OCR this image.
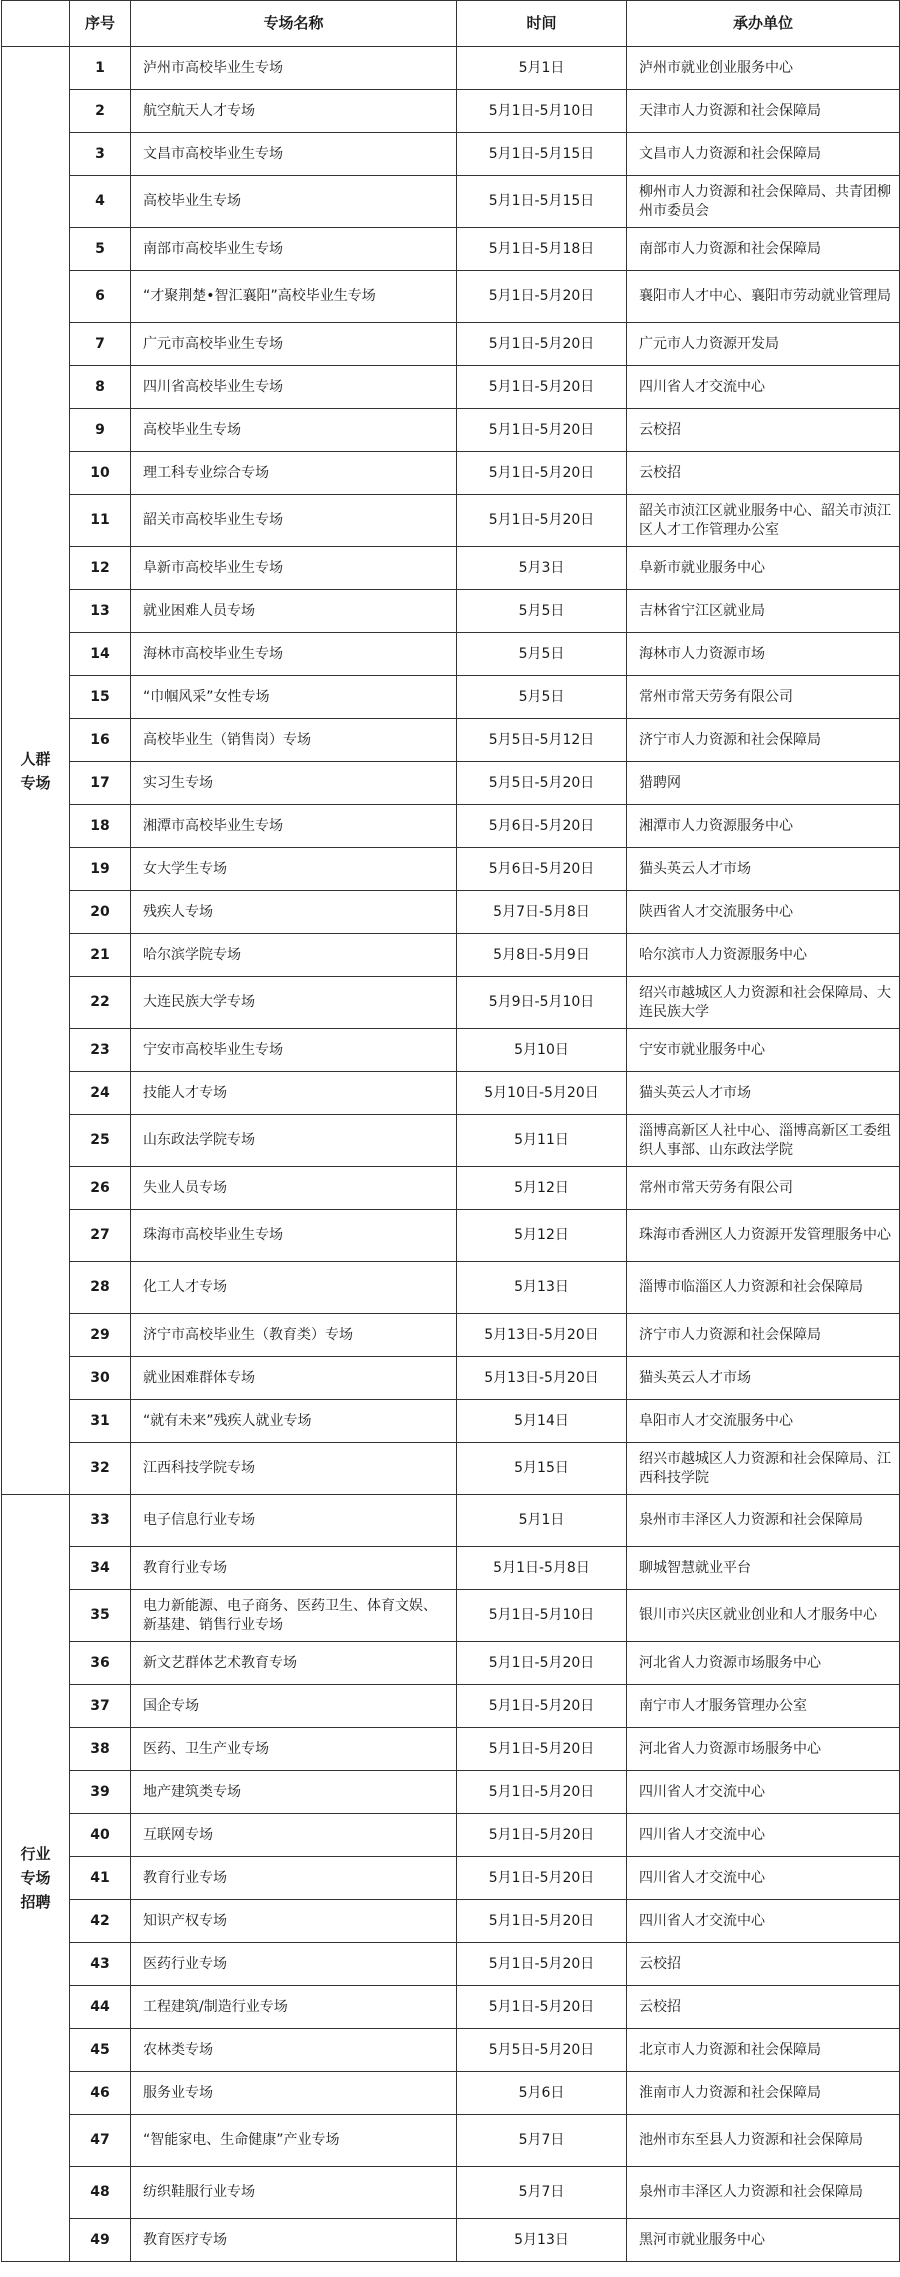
	序号	专场名称	时间	承办单位
人群
专场	1	泸州市高校毕业生专场	5月1日	泸州市就业创业服务中心
	2	航空航天人才专场	5月1日-5月10日	天津市人力资源和社会保障局
	3	文昌市高校毕业生专场	5月1日-5月15日	文昌市人力资源和社会保障局
	4	高校毕业生专场	5月1日-5月15日	柳州市人力资源和社会保障局、共青团柳州市委员会
	5	南部市高校毕业生专场	5月1日-5月18日	南部市人力资源和社会保障局
	6	“才聚荆楚•智汇襄阳”高校毕业生专场	5月1日-5月20日	襄阳市人才中心、襄阳市劳动就业管理局
	7	广元市高校毕业生专场	5月1日-5月20日	广元市人力资源开发局
	8	四川省高校毕业生专场	5月1日-5月20日	四川省人才交流中心
	9	高校毕业生专场	5月1日-5月20日	云校招
	10	理工科专业综合专场	5月1日-5月20日	云校招
	11	韶关市高校毕业生专场	5月1日-5月20日	韶关市浈江区就业服务中心、韶关市浈江区人才工作管理办公室
	12	阜新市高校毕业生专场	5月3日	阜新市就业服务中心
	13	就业困难人员专场	5月5日	吉林省宁江区就业局
	14	海林市高校毕业生专场	5月5日	海林市人力资源市场
	15	“巾帼风采”女性专场	5月5日	常州市常天劳务有限公司
	16	高校毕业生（销售岗）专场	5月5日-5月12日	济宁市人力资源和社会保障局
	17	实习生专场	5月5日-5月20日	猎聘网
	18	湘潭市高校毕业生专场	5月6日-5月20日	湘潭市人力资源服务中心
	19	女大学生专场	5月6日-5月20日	猫头英云人才市场
	20	残疾人专场	5月7日-5月8日	陕西省人才交流服务中心
	21	哈尔滨学院专场	5月8日-5月9日	哈尔滨市人力资源服务中心
	22	大连民族大学专场	5月9日-5月10日	绍兴市越城区人力资源和社会保障局、大连民族大学
	23	宁安市高校毕业生专场	5月10日	宁安市就业服务中心
	24	技能人才专场	5月10日-5月20日	猫头英云人才市场
	25	山东政法学院专场	5月11日	淄博高新区人社中心、淄博高新区工委组织人事部、山东政法学院
	26	失业人员专场	5月12日	常州市常天劳务有限公司
	27	珠海市高校毕业生专场	5月12日	珠海市香洲区人力资源开发管理服务中心
	28	化工人才专场	5月13日	淄博市临淄区人力资源和社会保障局
	29	济宁市高校毕业生（教育类）专场	5月13日-5月20日	济宁市人力资源和社会保障局
	30	就业困难群体专场	5月13日-5月20日	猫头英云人才市场
	31	“就有未来”残疾人就业专场	5月14日	阜阳市人才交流服务中心
	32	江西科技学院专场	5月15日	绍兴市越城区人力资源和社会保障局、江西科技学院
行业
专场
招聘	33	电子信息行业专场	5月1日	泉州市丰泽区人力资源和社会保障局
	34	教育行业专场	5月1日-5月8日	聊城智慧就业平台
	35	电力新能源、电子商务、医药卫生、体育文娱、新基建、销售行业专场	5月1日-5月10日	银川市兴庆区就业创业和人才服务中心
	36	新文艺群体艺术教育专场	5月1日-5月20日	河北省人力资源市场服务中心
	37	国企专场	5月1日-5月20日	南宁市人才服务管理办公室
	38	医药、卫生产业专场	5月1日-5月20日	河北省人力资源市场服务中心
	39	地产建筑类专场	5月1日-5月20日	四川省人才交流中心
	40	互联网专场	5月1日-5月20日	四川省人才交流中心
	41	教育行业专场	5月1日-5月20日	四川省人才交流中心
	42	知识产权专场	5月1日-5月20日	四川省人才交流中心
	43	医药行业专场	5月1日-5月20日	云校招
	44	工程建筑/制造行业专场	5月1日-5月20日	云校招
	45	农林类专场	5月5日-5月20日	北京市人力资源和社会保障局
	46	服务业专场	5月6日	淮南市人力资源和社会保障局
	47	“智能家电、生命健康”产业专场	5月7日	池州市东至县人力资源和社会保障局
	48	纺织鞋服行业专场	5月7日	泉州市丰泽区人力资源和社会保障局
	49	教育医疗专场	5月13日	黑河市就业服务中心
